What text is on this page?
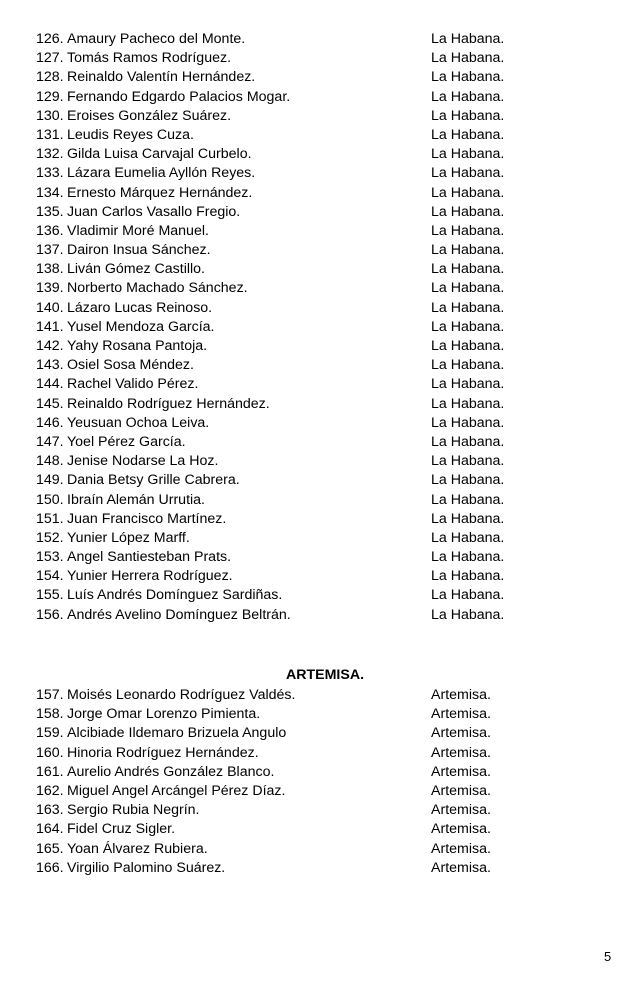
126. Amaury Pacheco del Monte.	La Habana.
127. Tomás Ramos Rodríguez.	La Habana.
128. Reinaldo Valentín Hernández.	La Habana.
129. Fernando Edgardo Palacios Mogar.	La Habana.
130. Eroises González Suárez.	La Habana.
131. Leudis Reyes Cuza.	La Habana.
132. Gilda Luisa Carvajal Curbelo.	La Habana.
133. Lázara Eumelia Ayllón Reyes.	La Habana.
134. Ernesto Márquez Hernández.	La Habana.
135. Juan Carlos Vasallo Fregio.	La Habana.
136. Vladimir Moré Manuel.	La Habana.
137. Dairon Insua Sánchez.	La Habana.
138. Liván Gómez Castillo.	La Habana.
139. Norberto Machado Sánchez.	La Habana.
140. Lázaro Lucas Reinoso.	La Habana.
141. Yusel Mendoza García.	La Habana.
142. Yahy Rosana Pantoja.	La Habana.
143. Osiel Sosa Méndez.	La Habana.
144. Rachel Valido Pérez.	La Habana.
145. Reinaldo Rodríguez Hernández.	La Habana.
146. Yeusuan Ochoa Leiva.	La Habana.
147. Yoel Pérez García.	La Habana.
148. Jenise Nodarse La Hoz.	La Habana.
149. Dania Betsy Grille Cabrera.	La Habana.
150. Ibraín Alemán Urrutia.	La Habana.
151. Juan Francisco Martínez.	La Habana.
152. Yunier López Marff.	La Habana.
153. Angel Santiesteban Prats.	La Habana.
154. Yunier Herrera Rodríguez.	La Habana.
155. Luís Andrés Domínguez Sardiñas.	La Habana.
156. Andrés Avelino Domínguez Beltrán.	La Habana.
ARTEMISA.
157. Moisés Leonardo Rodríguez Valdés.	Artemisa.
158. Jorge Omar Lorenzo Pimienta.	Artemisa.
159. Alcibiade Ildemaro Brizuela Angulo	Artemisa.
160. Hinoria Rodríguez Hernández.	Artemisa.
161. Aurelio Andrés González Blanco.	Artemisa.
162. Miguel Angel Arcángel Pérez Díaz.	Artemisa.
163. Sergio Rubia Negrín.	Artemisa.
164. Fidel Cruz Sigler.	Artemisa.
165. Yoan Álvarez Rubiera.	Artemisa.
166. Virgilio Palomino Suárez.	Artemisa.
5
